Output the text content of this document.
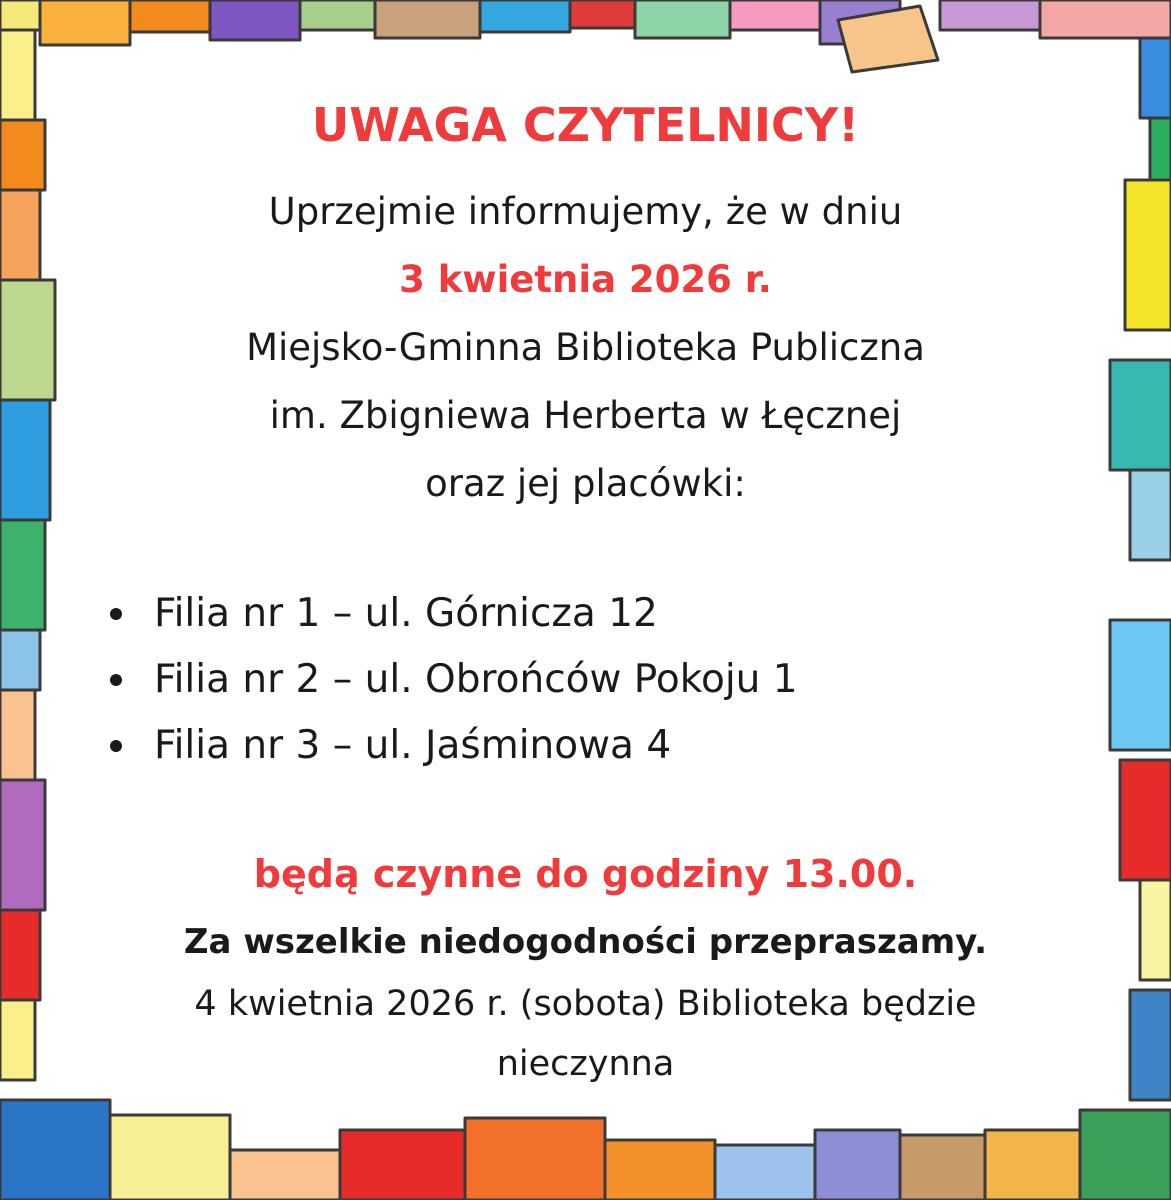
UWAGA CZYTELNICY!
Uprzejmie informujemy, że w dniu
3 kwietnia 2026 r.
Miejsko-Gminna Biblioteka Publiczna
im. Zbigniewa Herberta w Łęcznej
oraz jej placówki:
Filia nr 1 – ul. Górnicza 12
Filia nr 2 – ul. Obrońców Pokoju 1
Filia nr 3 – ul. Jaśminowa 4
będą czynne do godziny 13.00.
Za wszelkie niedogodności przepraszamy.
4 kwietnia 2026 r. (sobota) Biblioteka będzie
nieczynna
